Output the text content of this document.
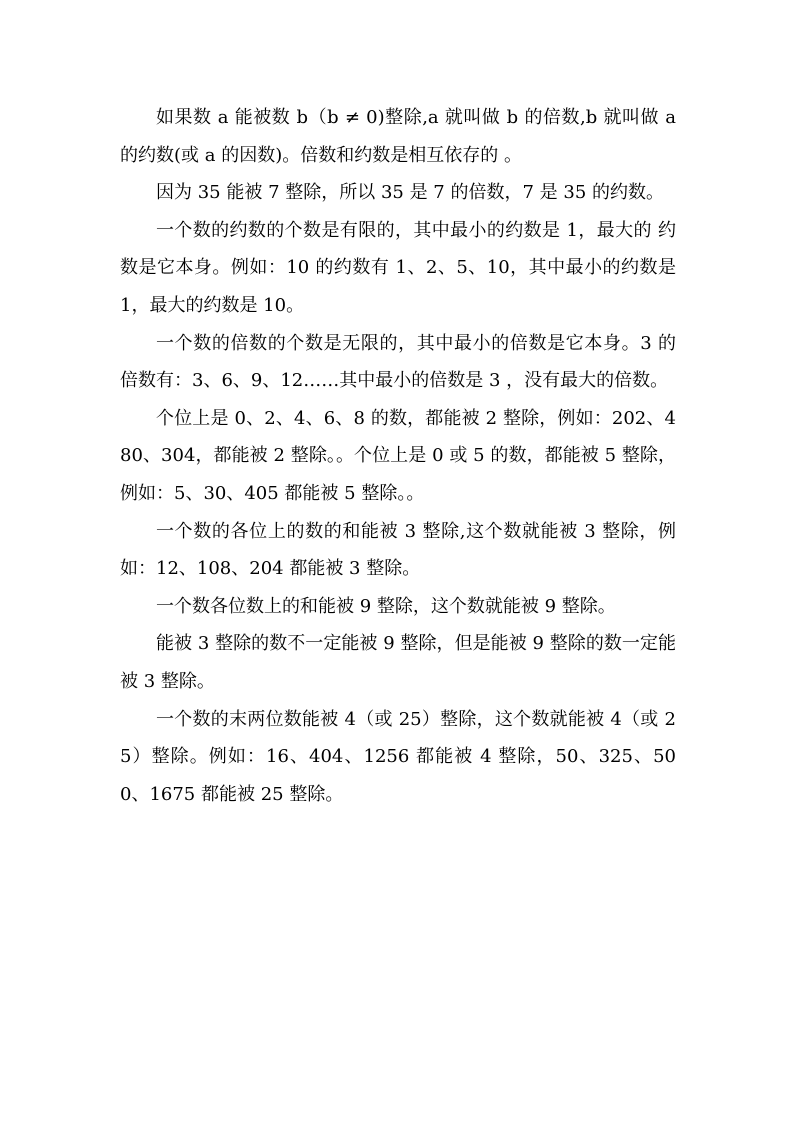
如果数 a 能被数 b（b ≠ 0)整除,a 就叫做 b 的倍数,b 就叫做 a 的约数(或 a 的因数)。倍数和约数是相互依存的 。

因为 35 能被 7 整除，所以 35 是 7 的倍数，7 是 35 的约数。

一个数的约数的个数是有限的，其中最小的约数是 1，最大的 约数是它本身。例如：10 的约数有 1、2、5、10，其中最小的约数是 1，最大的约数是 10。

一个数的倍数的个数是无限的，其中最小的倍数是它本身。3 的倍数有：3、6、9、12……其中最小的倍数是 3 ，没有最大的倍数。

个位上是 0、2、4、6、8 的数，都能被 2 整除，例如：202、480、304，都能被 2 整除。。个位上是 0 或 5 的数，都能被 5 整除，例如：5、30、405 都能被 5 整除。。

一个数的各位上的数的和能被 3 整除,这个数就能被 3 整除，例如：12、108、204 都能被 3 整除。

一个数各位数上的和能被 9 整除，这个数就能被 9 整除。

能被 3 整除的数不一定能被 9 整除，但是能被 9 整除的数一定能被 3 整除。

一个数的末两位数能被 4（或 25）整除，这个数就能被 4（或 25）整除。例如：16、404、1256 都能被 4 整除，50、325、500、1675 都能被 25 整除。
